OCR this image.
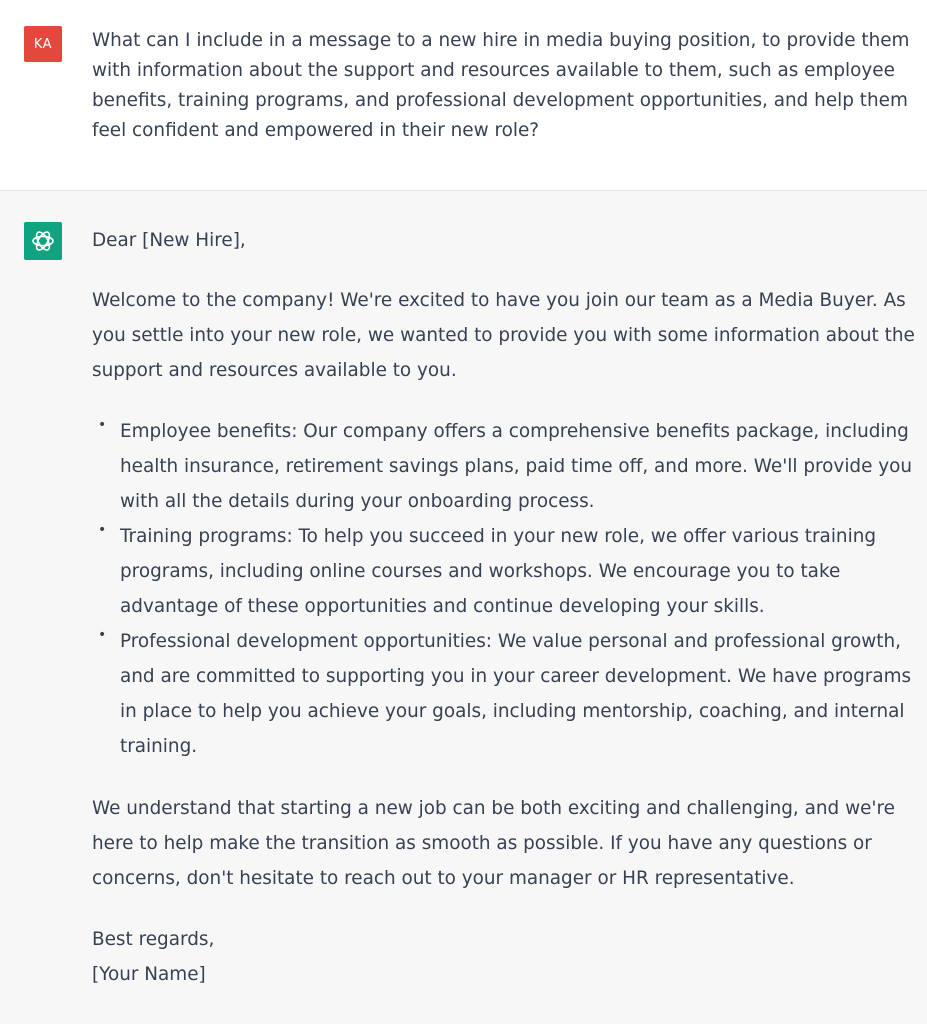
KA What can I include in a message to a new hire in media buying position, to provide them with information about the support and resources available to them, such as employee benefits, training programs, and professional development opportunities, and help them feel confident and empowered in their new role?

Dear [New Hire],

Welcome to the company! We're excited to have you join our team as a Media Buyer. As you settle into your new role, we wanted to provide you with some information about the support and resources available to you.

• Employee benefits: Our company offers a comprehensive benefits package, including health insurance, retirement savings plans, paid time off, and more. We'll provide you with all the details during your onboarding process.
• Training programs: To help you succeed in your new role, we offer various training programs, including online courses and workshops. We encourage you to take advantage of these opportunities and continue developing your skills.
• Professional development opportunities: We value personal and professional growth, and are committed to supporting you in your career development. We have programs in place to help you achieve your goals, including mentorship, coaching, and internal training.

We understand that starting a new job can be both exciting and challenging, and we're here to help make the transition as smooth as possible. If you have any questions or concerns, don't hesitate to reach out to your manager or HR representative.

Best regards,

[Your Name]
